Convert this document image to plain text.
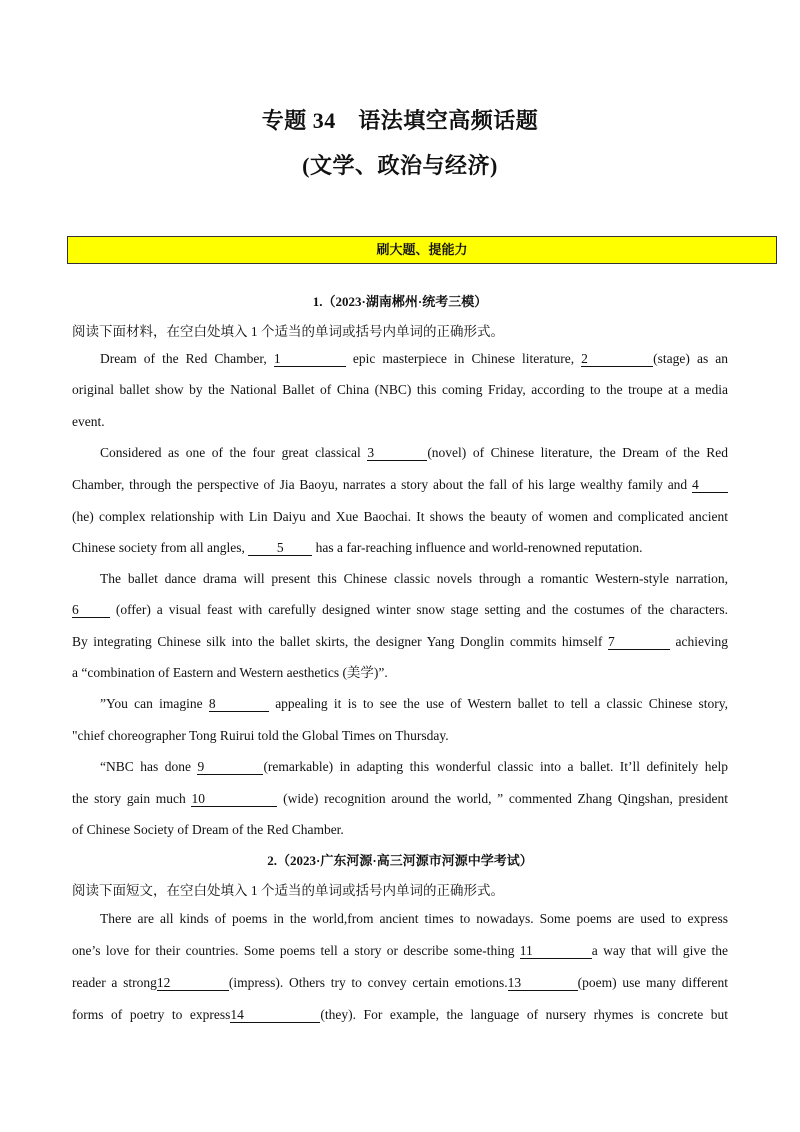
专题 34　语法填空高频话题
(文学、政治与经济)
刷大题、提能力
1.（2023·湖南郴州·统考三模）
阅读下面材料，在空白处填入 1 个适当的单词或括号内单词的正确形式。
Dream of the Red Chamber, 1	epic masterpiece in Chinese literature, 2	(stage) as an
original ballet show by the National Ballet of China (NBC) this coming Friday, according to the troupe at a media
event.
Considered as one of the four great classical 3	(novel) of Chinese literature, the Dream of the Red
Chamber, through the perspective of Jia Baoyu, narrates a story about the fall of his large wealthy family and 4
(he) complex relationship with Lin Daiyu and Xue Baochai. It shows the beauty of women and complicated ancient
Chinese society from all angles, 5 has a far-reaching influence and world-renowned reputation.
The ballet dance drama will present this Chinese classic novels through a romantic Western-style narration,
6 (offer) a visual feast with carefully designed winter snow stage setting and the costumes of the characters.
By integrating Chinese silk into the ballet skirts, the designer Yang Donglin commits himself 7	achieving
a “combination of Eastern and Western aesthetics (美学)”.
”You can imagine 8	appealing it is to see the use of Western ballet to tell a classic Chinese story,
"chief choreographer Tong Ruirui told the Global Times on Thursday.
“NBC has done 9	(remarkable) in adapting this wonderful classic into a ballet. It’ll definitely help
the story gain much 10	(wide) recognition around the world, ” commented Zhang Qingshan, president
of Chinese Society of Dream of the Red Chamber.
2.（2023·广东河源·高三河源市河源中学考试）
阅读下面短文，在空白处填入 1 个适当的单词或括号内单词的正确形式。
There are all kinds of poems in the world,from ancient times to nowadays. Some poems are used to express
one’s love for their countries. Some poems tell a story or describe some-thing 11	a way that will give the
reader a strong12	(impress). Others try to convey certain emotions.13	(poem) use many different
forms of poetry to express14	(they). For example, the language of nursery rhymes is concrete but
